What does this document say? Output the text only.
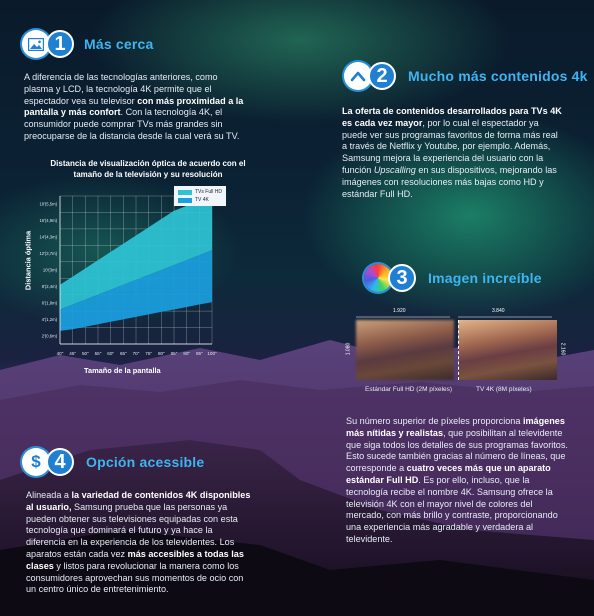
1	Más cerca
A diferencia de las tecnologías anteriores, como plasma y LCD, la tecnología 4K permite que el espectador vea su televisor con más proximidad a la pantalla y más confort. Con la tecnología 4K, el consumidor puede comprar TVs más grandes sin preocuparse de la distancia desde la cual verá su TV.
Distancia de visualización óptica de acuerdo con el tamaño de la televisión y su resolución
40" 45" 50" 55" 60" 65" 70" 75" 80" 85" 90" 95" 100"
2'(0,6m)
4'(1,2m)
6'(1,8m)
8'(2,4m)
10'(3m)
12'(3,7m)
14'(4,3m)
16'(4,9m)
18'(5,5m)
Distancia óptima
Tamaño de la pantalla
TVs Full HD
TV 4K
2	Mucho más contenidos 4k
La oferta de contenidos desarrollados para TVs 4K es cada vez mayor, por lo cual el espectador ya puede ver sus programas favoritos de forma más real a través de Netflix y Youtube, por ejemplo. Además, Samsung mejora la experiencia del usuario con la función Upscalling en sus dispositivos, mejorando las imágenes con resoluciones más bajas como HD y estándar Full HD.
3	Imagen increíble
1.920	3.840
1.080	2.160
Estándar Full HD (2M píxeles)	TV 4K (8M píxeles)
Su número superior de píxeles proporciona imágenes más nítidas y realistas, que posibilitan al televidente que siga todos los detalles de sus programas favoritos. Esto sucede también gracias al número de líneas, que corresponde a cuatro veces más que un aparato estándar Full HD. Es por ello, incluso, que la tecnología recibe el nombre 4K. Samsung ofrece la televisión 4K con el mayor nivel de colores del mercado, con más brillo y contraste, proporcionando una experiencia más agradable y verdadera al televidente.
$ 4	Opción acessible
Alineada a la variedad de contenidos 4K disponibles al usuario, Samsung prueba que las personas ya pueden obtener sus televisiones equipadas con esta tecnología que dominará el futuro y ya hace la diferencia en la experiencia de los televidentes. Los aparatos están cada vez más accesibles a todas las clases y listos para revolucionar la manera como los consumidores aprovechan sus momentos de ocio con un centro único de entretenimiento.
